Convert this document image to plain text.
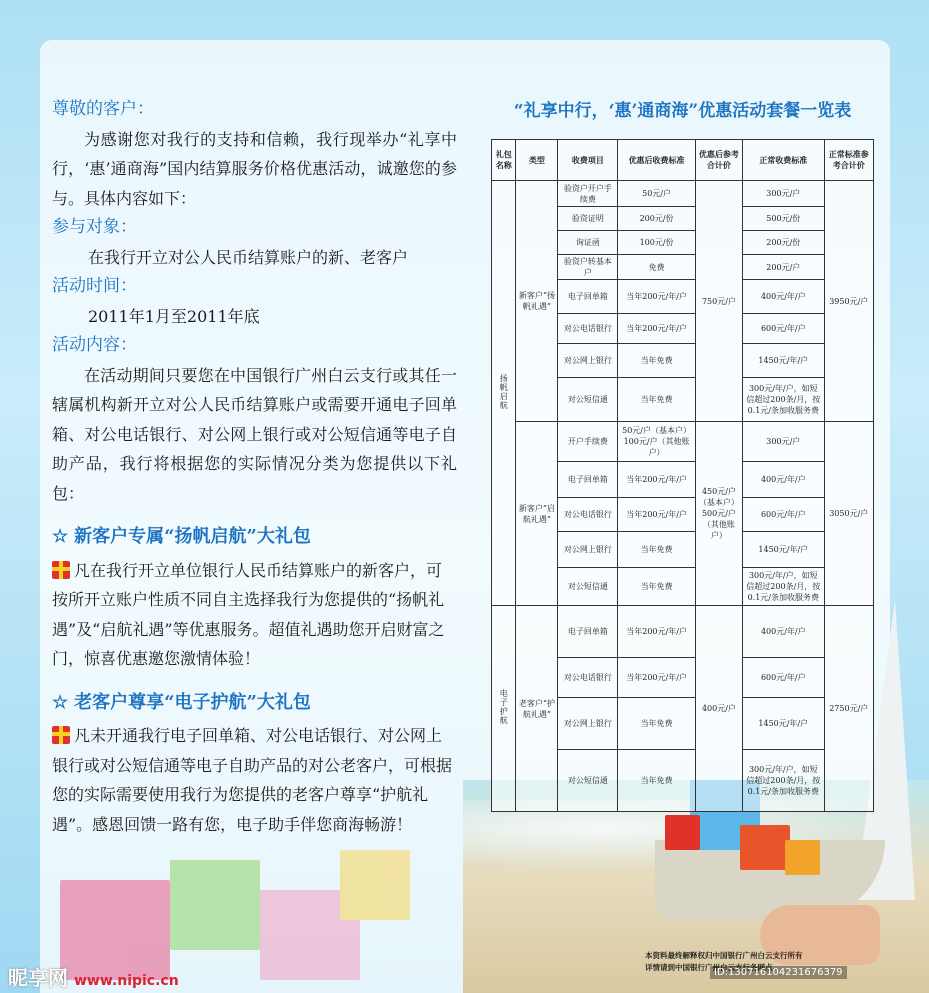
尊敬的客户：

为感谢您对我行的支持和信赖，我行现举办“礼享中行，‘惠’通商海”国内结算服务价格优惠活动，诚邀您的参与。具体内容如下：

参与对象：

在我行开立对公人民币结算账户的新、老客户

活动时间：

2011年1月至2011年底

活动内容：

在活动期间只要您在中国银行广州白云支行或其任一辖属机构新开立对公人民币结算账户或需要开通电子回单箱、对公电话银行、对公网上银行或对公短信通等电子自助产品，我行将根据您的实际情况分类为您提供以下礼包：

☆ 新客户专属“扬帆启航”大礼包

凡在我行开立单位银行人民币结算账户的新客户，可按所开立账户性质不同自主选择我行为您提供的“扬帆礼遇”及“启航礼遇”等优惠服务。超值礼遇助您开启财富之门，惊喜优惠邀您激情体验！

☆ 老客户尊享“电子护航”大礼包

凡未开通我行电子回单箱、对公电话银行、对公网上银行或对公短信通等电子自助产品的对公老客户，可根据您的实际需要使用我行为您提供的老客户尊享“护航礼遇”。感恩回馈一路有您，电子助手伴您商海畅游！

“礼享中行，‘惠’通商海”优惠活动套餐一览表
礼包名称	类型	收费项目	优惠后收费标准	优惠后参考合计价	正常收费标准	正常标准参考合计价
扬帆启航	新客户“扬帆礼遇”	验资户开户手续费	50元/户	750元/户	300元/户	3950元/户
		验资证明	200元/份		500元/份	
		询证函	100元/份		200元/份	
		验资户转基本户	免费		200元/户	
		电子回单箱	当年200元/年/户		400元/年/户	
		对公电话银行	当年200元/年/户		600元/年/户	
		对公网上银行	当年免费		1450元/年/户	
		对公短信通	当年免费		300元/年/户，如短信超过200条/月，按0.1元/条加收服务费	
	新客户“启航礼遇”	开户手续费	50元/户（基本户）100元/户（其他账户）	450元/户（基本户）500元/户（其他账户）	300元/户	3050元/户
		电子回单箱	当年200元/年/户		400元/年/户	
		对公电话银行	当年200元/年/户		600元/年/户	
		对公网上银行	当年免费		1450元/年/户	
		对公短信通	当年免费		300元/年/户，如短信超过200条/月，按0.1元/条加收服务费	
电子护航	老客户“护航礼遇”	电子回单箱	当年200元/年/户	400元/户	400元/年/户	2750元/户
		对公电话银行	当年200元/年/户		600元/年/户	
		对公网上银行	当年免费		1450元/年/户	
		对公短信通	当年免费		300元/年/户，如短信超过200条/月，按0.1元/条加收服务费	
本资料最终解释权归中国银行广州白云支行所有
详情请到中国银行广州白云支行各网点
昵享网 www.nipic.cn
ID:13071610423167637​9
